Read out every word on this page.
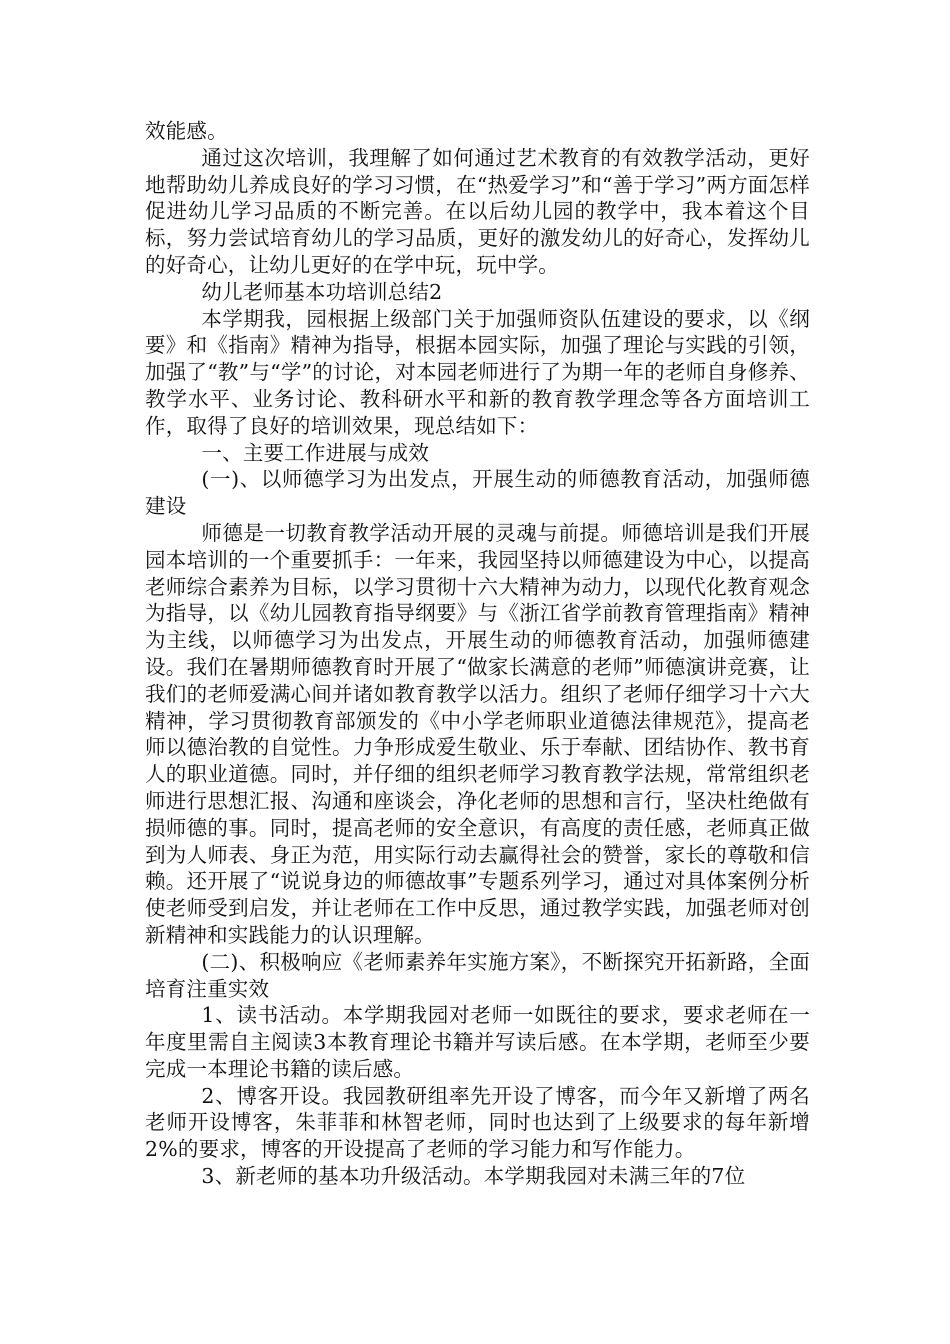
效能感。

通过这次培训，我理解了如何通过艺术教育的有效教学活动，更好地帮助幼儿养成良好的学习习惯，在“热爱学习”和“善于学习”两方面怎样促进幼儿学习品质的不断完善。在以后幼儿园的教学中，我本着这个目标，努力尝试培育幼儿的学习品质，更好的激发幼儿的好奇心，发挥幼儿的好奇心，让幼儿更好的在学中玩，玩中学。

幼儿老师基本功培训总结2

本学期我，园根据上级部门关于加强师资队伍建设的要求，以《纲要》和《指南》精神为指导，根据本园实际，加强了理论与实践的引领，加强了“教”与“学”的讨论，对本园老师进行了为期一年的老师自身修养、教学水平、业务讨论、教科研水平和新的教育教学理念等各方面培训工作，取得了良好的培训效果，现总结如下：

一、主要工作进展与成效

(一)、以师德学习为出发点，开展生动的师德教育活动，加强师德建设

师德是一切教育教学活动开展的灵魂与前提。师德培训是我们开展园本培训的一个重要抓手：一年来，我园坚持以师德建设为中心，以提高老师综合素养为目标，以学习贯彻十六大精神为动力，以现代化教育观念为指导，以《幼儿园教育指导纲要》与《浙江省学前教育管理指南》精神为主线，以师德学习为出发点，开展生动的师德教育活动，加强师德建设。我们在暑期师德教育时开展了“做家长满意的老师”师德演讲竞赛，让我们的老师爱满心间并诸如教育教学以活力。组织了老师仔细学习十六大精神，学习贯彻教育部颁发的《中小学老师职业道德法律规范》，提高老师以德治教的自觉性。力争形成爱生敬业、乐于奉献、团结协作、教书育人的职业道德。同时，并仔细的组织老师学习教育教学法规，常常组织老师进行思想汇报、沟通和座谈会，净化老师的思想和言行，坚决杜绝做有损师德的事。同时，提高老师的安全意识，有高度的责任感，老师真正做到为人师表、身正为范，用实际行动去赢得社会的赞誉，家长的尊敬和信赖。还开展了“说说身边的师德故事”专题系列学习，通过对具体案例分析使老师受到启发，并让老师在工作中反思，通过教学实践，加强老师对创新精神和实践能力的认识理解。

(二)、积极响应《老师素养年实施方案》，不断探究开拓新路，全面培育注重实效

1、读书活动。本学期我园对老师一如既往的要求，要求老师在一年度里需自主阅读3本教育理论书籍并写读后感。在本学期，老师至少要完成一本理论书籍的读后感。

2、博客开设。我园教研组率先开设了博客，而今年又新增了两名老师开设博客，朱菲菲和林智老师，同时也达到了上级要求的每年新增2%的要求，博客的开设提高了老师的学习能力和写作能力。

3、新老师的基本功升级活动。本学期我园对未满三年的7位
